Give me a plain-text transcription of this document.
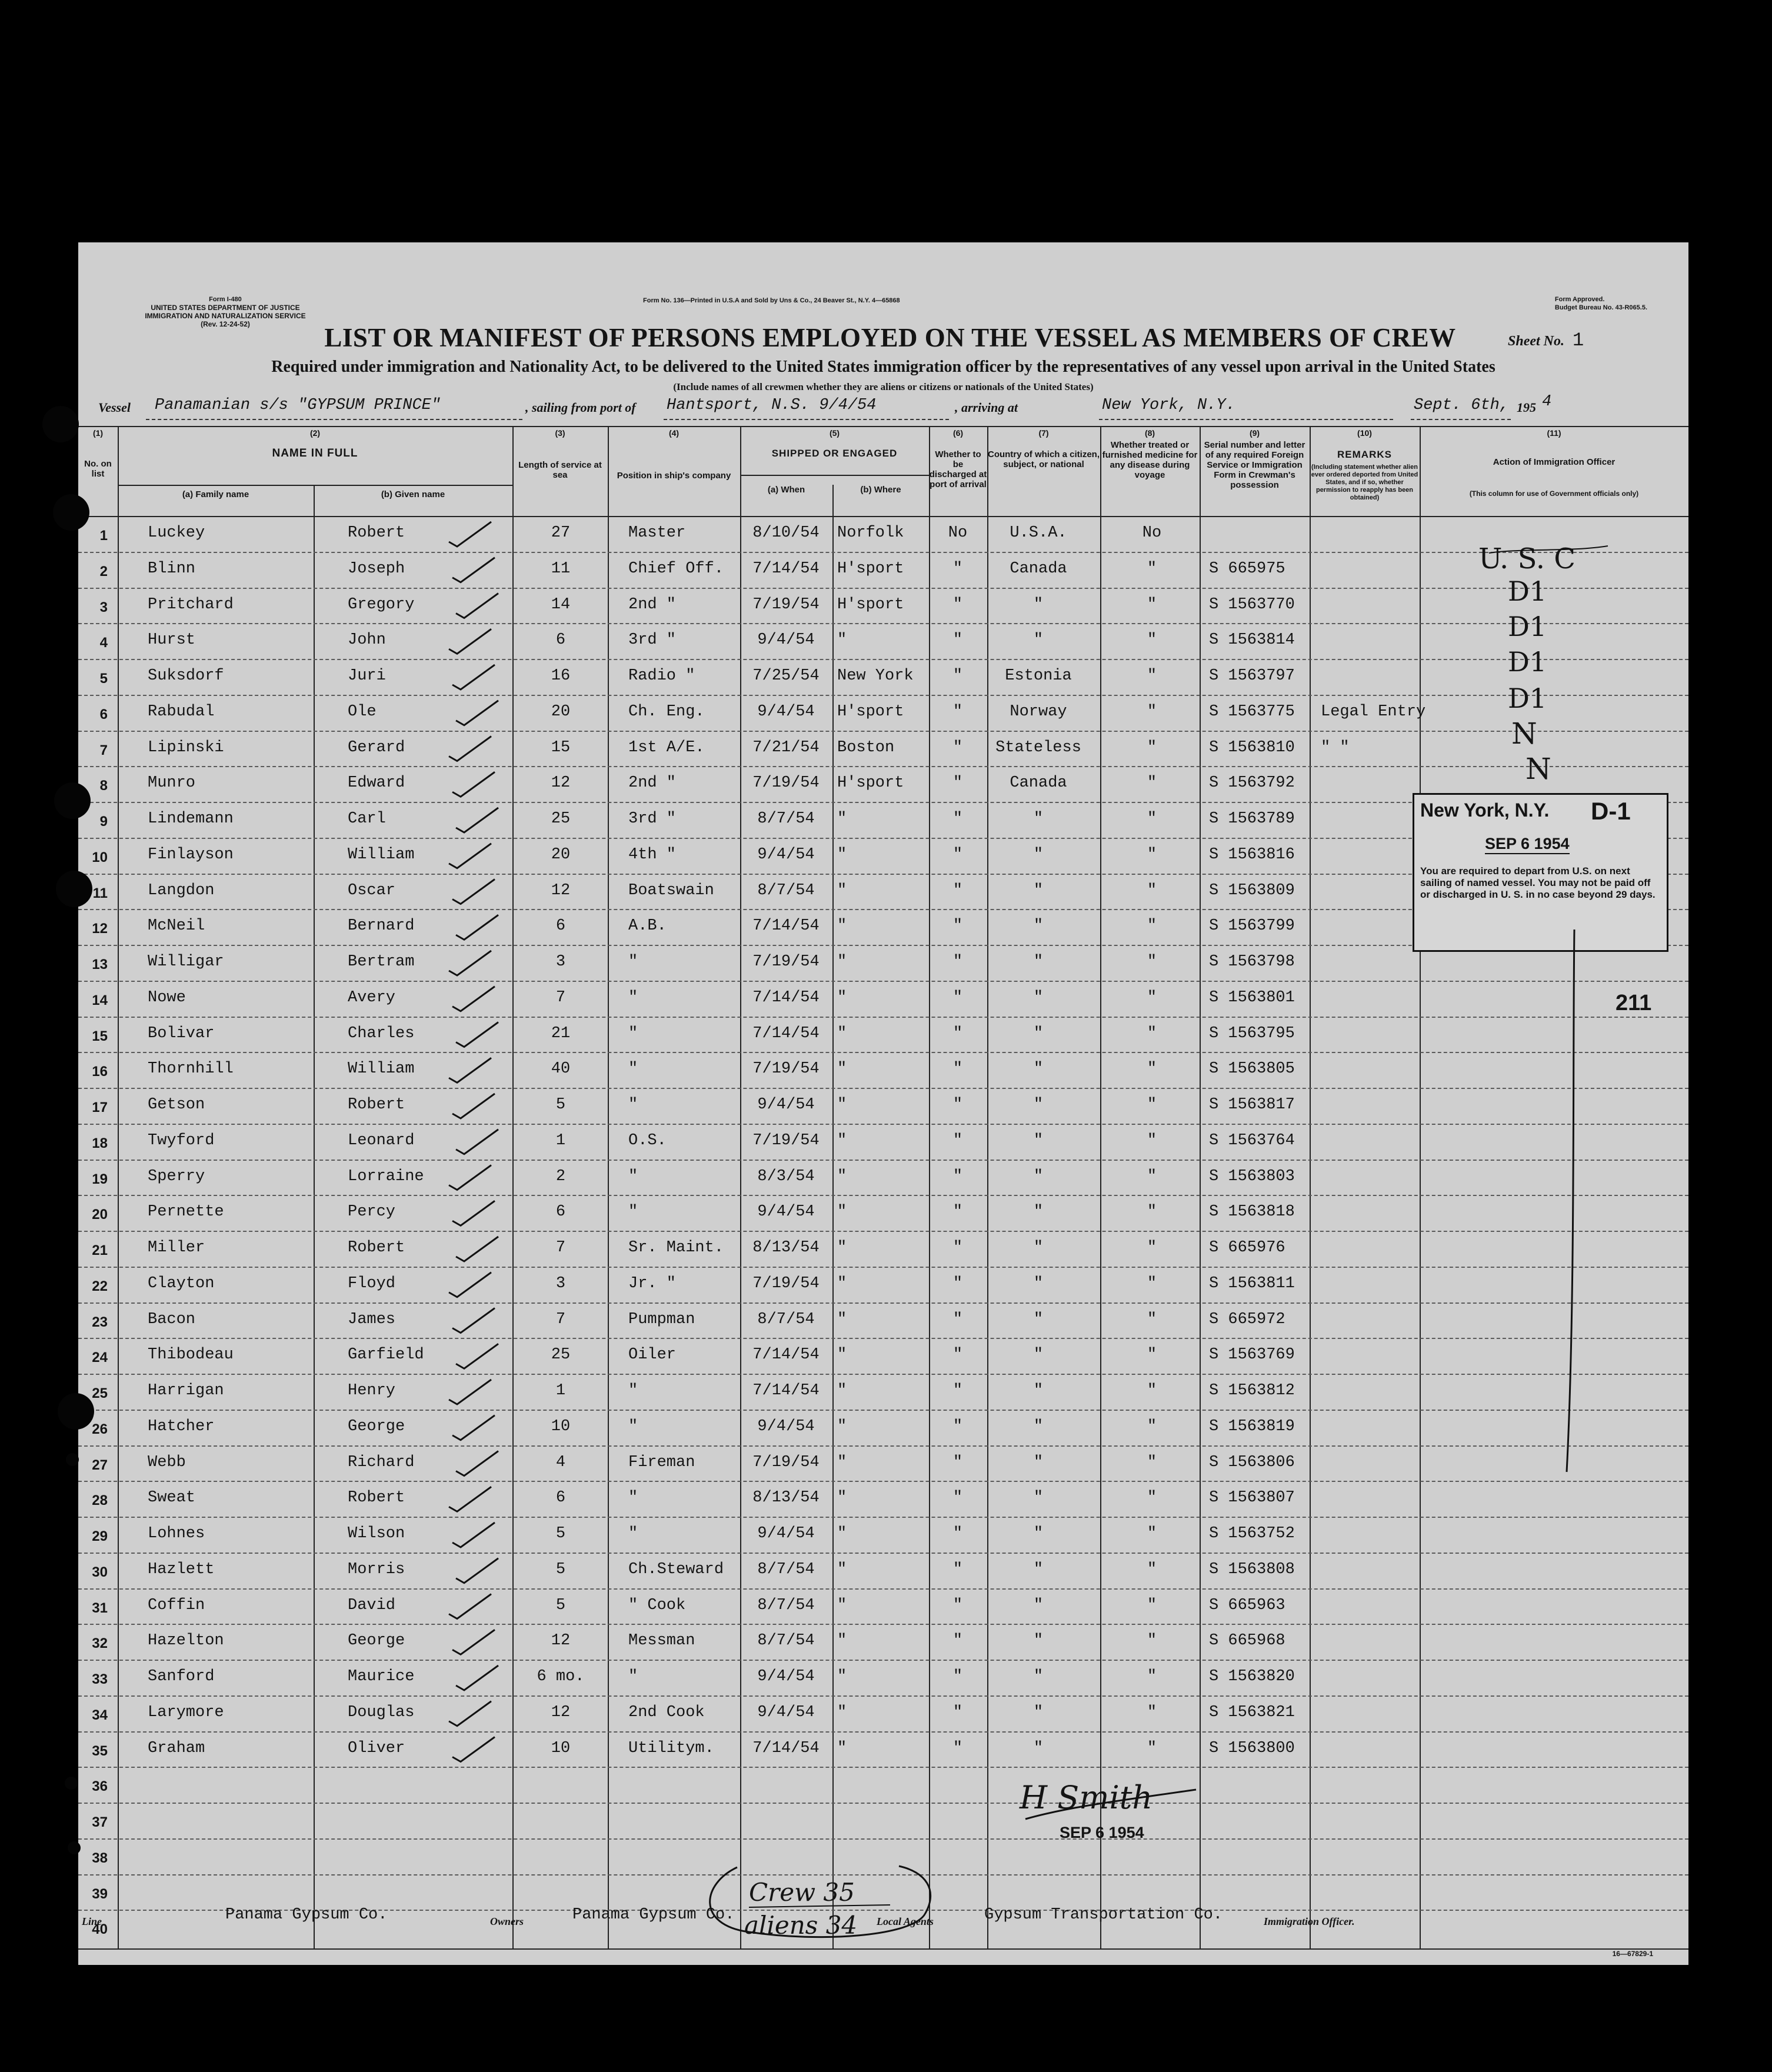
Form I-480
UNITED STATES DEPARTMENT OF JUSTICE
IMMIGRATION AND NATURALIZATION SERVICE
(Rev. 12-24-52)
Form No. 136—Printed in U.S.A and Sold by Uns & Co., 24 Beaver St., N.Y. 4—65868	Form Approved.
Budget Bureau No. 43-R065.5.
LIST OR MANIFEST OF PERSONS EMPLOYED ON THE VESSEL AS MEMBERS OF CREW	Sheet No. 1
Required under immigration and Nationality Act, to be delivered to the United States immigration officer by the representatives of any vessel upon arrival in the United States
(Include names of all crewmen whether they are aliens or citizens or nationals of the United States)
Vessel Panamanian s/s "GYPSUM PRINCE"	, sailing from port of Hantsport, N.S. 9/4/54	, arriving at	New York, N.Y.	Sept. 6th, 195 4
(1)
No. on list
(2)
NAME IN FULL
(a) Family name	(b) Given name
(3)
Length of service at sea
(4)
Position in ship's company
(5)
SHIPPED OR ENGAGED
(a) When	(b) Where
(6)
Whether to be discharged at port of arrival
(7)
Country of which a citizen, subject, or national
(8)
Whether treated or furnished medicine for any disease during voyage
(9)
Serial number and letter of any required Foreign Service or Immigration Form in Crewman's possession
(10)
REMARKS
(Including statement whether alien ever ordered deported from United States, and if so, whether permission to reapply has been obtained)
(11)
Action of Immigration Officer
(This column for use of Government officials only)
1	Luckey	Robert	27	Master	8/10/54 Norfolk	No	U.S.A.	No
2	Blinn	Joseph	11	Chief Off. 7/14/54 H'sport	"	Canada	"	S 665975
3	Pritchard	Gregory	14	2nd "	7/19/54 H'sport	"	"	"	S 1563770
4	Hurst	John	6	3rd "	9/4/54 "	"	"	"	S 1563814
5	Suksdorf	Juri	16	Radio "	7/25/54 New York "	Estonia	"	S 1563797
6	Rabudal	Ole	20	Ch. Eng.	9/4/54 H'sport	"	Norway	"	S 1563775 Legal Entry
7	Lipinski	Gerard	15	1st A/E.	7/21/54 Boston	" Stateless	"	S 1563810 " "
8	Munro	Edward	12	2nd "	7/19/54 H'sport	"	Canada	"	S 1563792
9	Lindemann	Carl	25	3rd "	8/7/54 "	"	"	"	S 1563789
10	Finlayson	William	20	4th "	9/4/54 "	"	"	"	S 1563816
11	Langdon	Oscar	12	Boatswain	8/7/54 "	"	"	"	S 1563809
12	McNeil	Bernard	6	A.B.	7/14/54 "	"	"	"	S 1563799
13	Willigar	Bertram	3	"	7/19/54 "	"	"	"	S 1563798
14	Nowe	Avery	7	"	7/14/54 "	"	"	"	S 1563801
15	Bolivar	Charles	21	"	7/14/54 "	"	"	"	S 1563795
16	Thornhill	William	40	"	7/19/54 "	"	"	"	S 1563805
17	Getson	Robert	5	"	9/4/54 "	"	"	"	S 1563817
18	Twyford	Leonard	1	O.S.	7/19/54 "	"	"	"	S 1563764
19	Sperry	Lorraine	2	"	8/3/54 "	"	"	"	S 1563803
20	Pernette	Percy	6	"	9/4/54 "	"	"	"	S 1563818
21	Miller	Robert	7	Sr. Maint. 8/13/54 "	"	"	"	S 665976
22	Clayton	Floyd	3	Jr. "	7/19/54 "	"	"	"	S 1563811
23	Bacon	James	7	Pumpman	8/7/54 "	"	"	"	S 665972
24	Thibodeau	Garfield	25	Oiler	7/14/54 "	"	"	"	S 1563769
25	Harrigan	Henry	1	"	7/14/54 "	"	"	"	S 1563812
26	Hatcher	George	10	"	9/4/54 "	"	"	"	S 1563819
27	Webb	Richard	4	Fireman	7/19/54 "	"	"	"	S 1563806
28	Sweat	Robert	6	"	8/13/54 "	"	"	"	S 1563807
29	Lohnes	Wilson	5	"	9/4/54 "	"	"	"	S 1563752
30	Hazlett	Morris	5	Ch.Steward 8/7/54 "	"	"	"	S 1563808
31	Coffin	David	5	" Cook	8/7/54 "	"	"	"	S 665963
32	Hazelton	George	12	Messman	8/7/54 "	"	"	"	S 665968
33	Sanford	Maurice	6 mo.	"	9/4/54 "	"	"	"	S 1563820
34	Larymore	Douglas	12	2nd Cook	9/4/54 "	"	"	"	S 1563821
35	Graham	Oliver	10	Utilitym. 7/14/54 "	"	"	"	S 1563800
36
37
38
39
40
New York, N.Y. D-1
SEP 6 1954
You are required to depart from U.S. on next sailing of named vessel. You may not be paid off or discharged in U. S. in no case beyond 29 days.
U. S. C
D1
D1
D1
D1
N
N
211
H Smith
SEP 6 1954
Crew 35
aliens 34
Line	Panama Gypsum Co.	Owners	Panama Gypsum Co.	Local Agents	Gypsum Transportation Co.	Immigration Officer.
16—67829-1
